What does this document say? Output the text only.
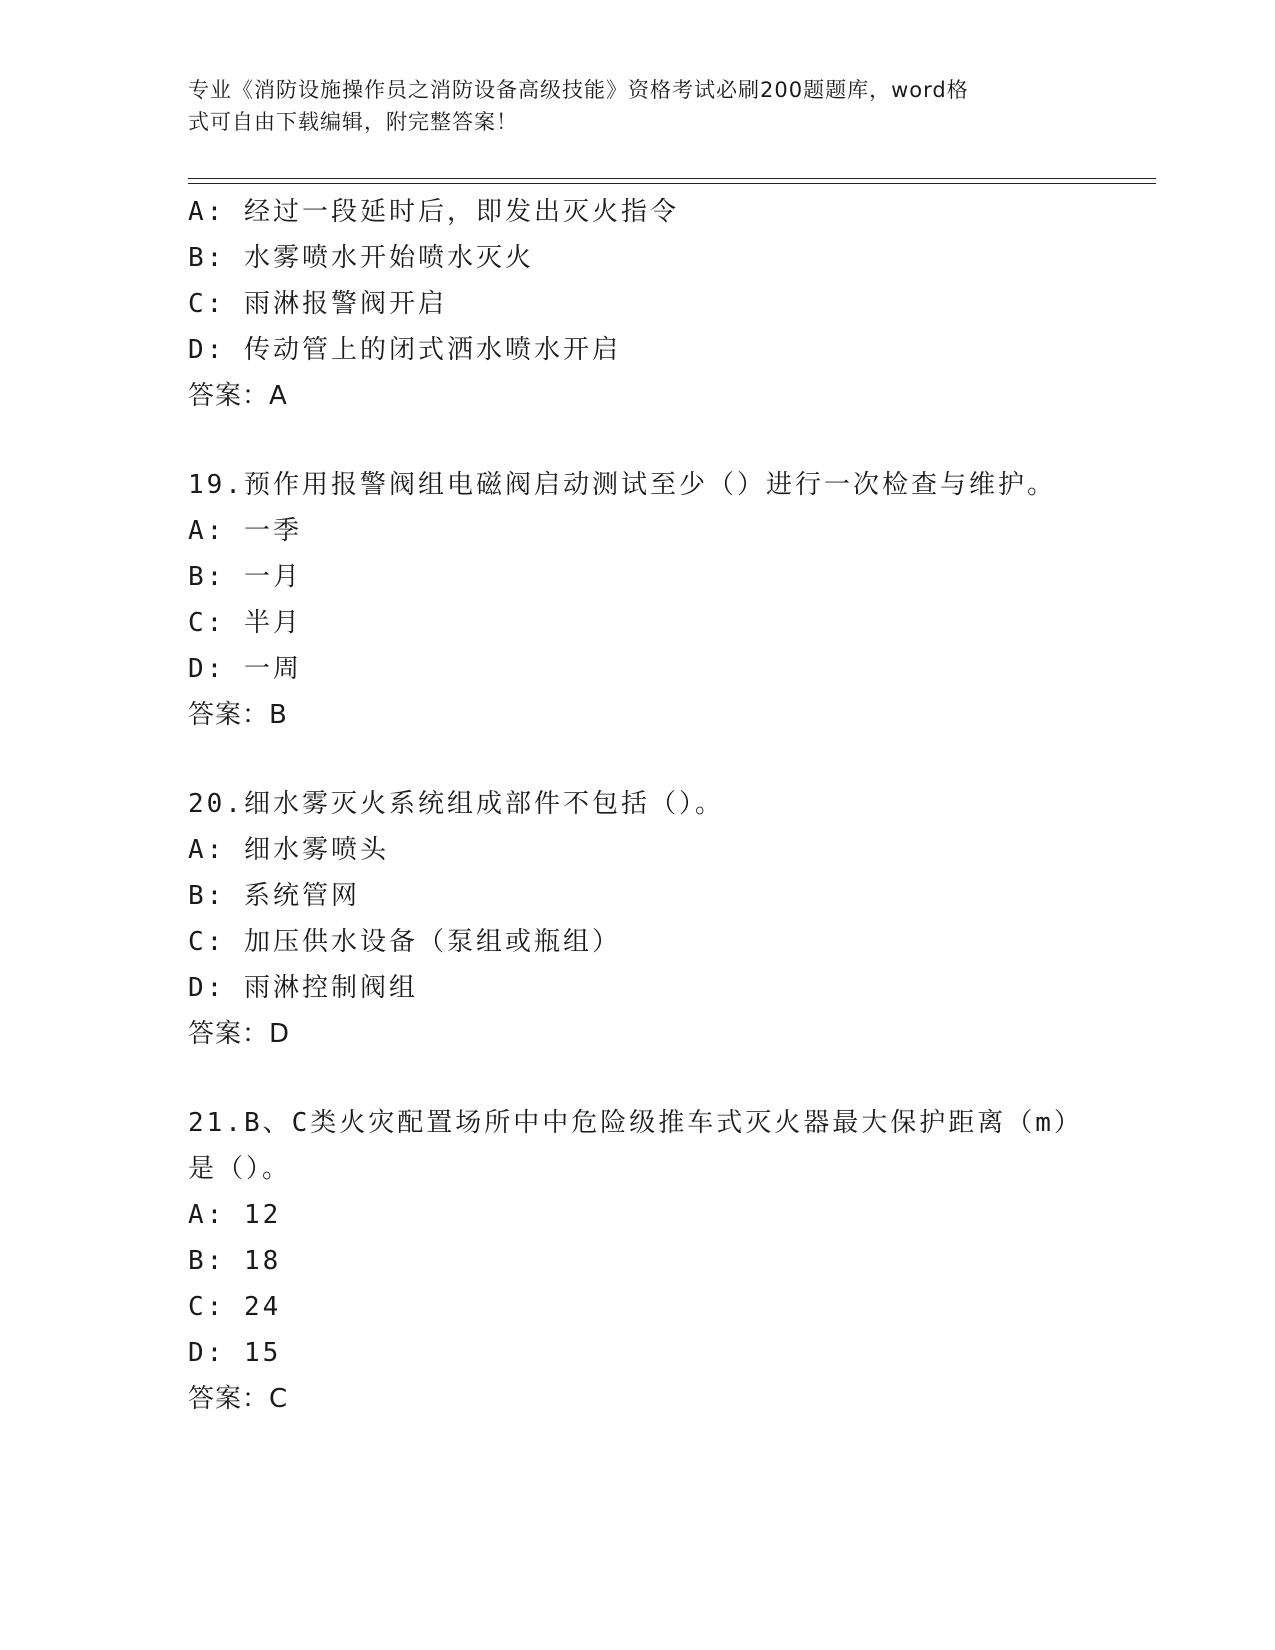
专业《消防设施操作员之消防设备高级技能》资格考试必刷200题题库，word格
式可自由下载编辑，附完整答案！
A: 经过一段延时后，即发出灭火指令
B: 水雾喷水开始喷水灭火
C: 雨淋报警阀开启
D: 传动管上的闭式洒水喷水开启
答案：A
19.预作用报警阀组电磁阀启动测试至少（）进行一次检查与维护。
A: 一季
B: 一月
C: 半月
D: 一周
答案：B
20.细水雾灭火系统组成部件不包括（）。
A: 细水雾喷头
B: 系统管网
C: 加压供水设备（泵组或瓶组）
D: 雨淋控制阀组
答案：D
21.B、C类火灾配置场所中中危险级推车式灭火器最大保护距离（m）
是（）。
A: 12
B: 18
C: 24
D: 15
答案：C
